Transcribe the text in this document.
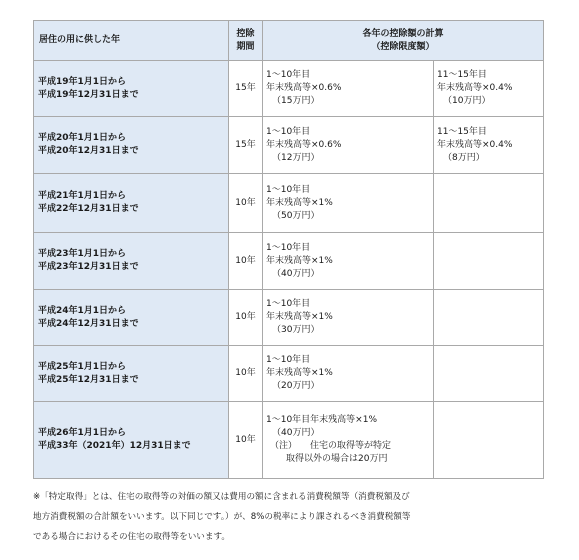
居住の用に供した年	控除
期間	各年の控除額の計算
（控除限度額）	

平成19年1月1日から
平成19年12月31日まで	15年	1～10年目
年末残高等×0.6%
（15万円）	11～15年目
年末残高等×0.4%
（10万円）

平成20年1月1日から
平成20年12月31日まで	15年	1～10年目
年末残高等×0.6%
（12万円）	11～15年目
年末残高等×0.4%
（8万円）

平成21年1月1日から
平成22年12月31日まで	10年	1～10年目
年末残高等×1%
（50万円）	

平成23年1月1日から
平成23年12月31日まで	10年	1～10年目
年末残高等×1%
（40万円）	

平成24年1月1日から
平成24年12月31日まで	10年	1～10年目
年末残高等×1%
（30万円）	

平成25年1月1日から
平成25年12月31日まで	10年	1～10年目
年末残高等×1%
（20万円）	

平成26年1月1日から
平成33年（2021年）12月31日まで	10年	1～10年目年末残高等×1%
（40万円）
（注） 住宅の取得等が特定
取得以外の場合は20万円	

※「特定取得」とは、住宅の取得等の対価の額又は費用の額に含まれる消費税額等（消費税額及び
地方消費税額の合計額をいいます。以下同じです。）が、8%の税率により課されるべき消費税額等
である場合におけるその住宅の取得等をいいます。
